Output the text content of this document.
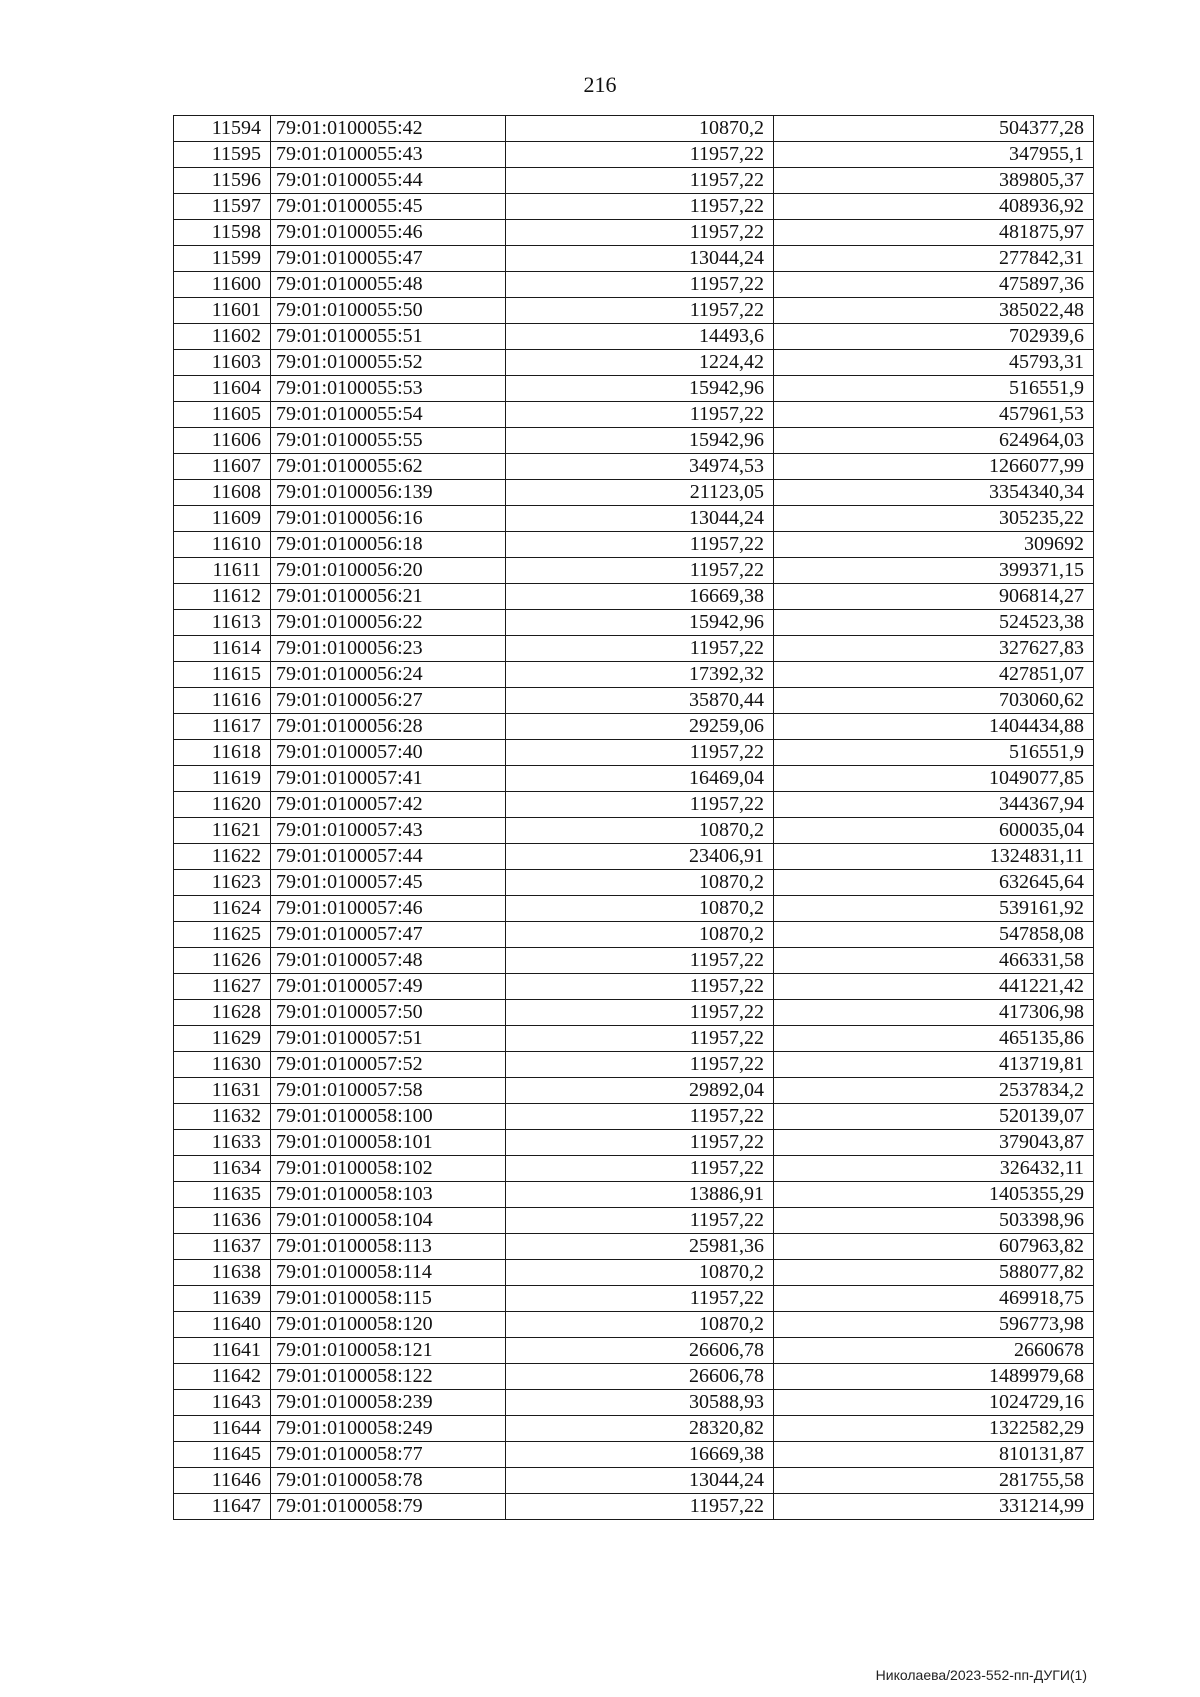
216
11594	79:01:0100055:42	10870,2	504377,28
11595	79:01:0100055:43	11957,22	347955,1
11596	79:01:0100055:44	11957,22	389805,37
11597	79:01:0100055:45	11957,22	408936,92
11598	79:01:0100055:46	11957,22	481875,97
11599	79:01:0100055:47	13044,24	277842,31
11600	79:01:0100055:48	11957,22	475897,36
11601	79:01:0100055:50	11957,22	385022,48
11602	79:01:0100055:51	14493,6	702939,6
11603	79:01:0100055:52	1224,42	45793,31
11604	79:01:0100055:53	15942,96	516551,9
11605	79:01:0100055:54	11957,22	457961,53
11606	79:01:0100055:55	15942,96	624964,03
11607	79:01:0100055:62	34974,53	1266077,99
11608	79:01:0100056:139	21123,05	3354340,34
11609	79:01:0100056:16	13044,24	305235,22
11610	79:01:0100056:18	11957,22	309692
11611	79:01:0100056:20	11957,22	399371,15
11612	79:01:0100056:21	16669,38	906814,27
11613	79:01:0100056:22	15942,96	524523,38
11614	79:01:0100056:23	11957,22	327627,83
11615	79:01:0100056:24	17392,32	427851,07
11616	79:01:0100056:27	35870,44	703060,62
11617	79:01:0100056:28	29259,06	1404434,88
11618	79:01:0100057:40	11957,22	516551,9
11619	79:01:0100057:41	16469,04	1049077,85
11620	79:01:0100057:42	11957,22	344367,94
11621	79:01:0100057:43	10870,2	600035,04
11622	79:01:0100057:44	23406,91	1324831,11
11623	79:01:0100057:45	10870,2	632645,64
11624	79:01:0100057:46	10870,2	539161,92
11625	79:01:0100057:47	10870,2	547858,08
11626	79:01:0100057:48	11957,22	466331,58
11627	79:01:0100057:49	11957,22	441221,42
11628	79:01:0100057:50	11957,22	417306,98
11629	79:01:0100057:51	11957,22	465135,86
11630	79:01:0100057:52	11957,22	413719,81
11631	79:01:0100057:58	29892,04	2537834,2
11632	79:01:0100058:100	11957,22	520139,07
11633	79:01:0100058:101	11957,22	379043,87
11634	79:01:0100058:102	11957,22	326432,11
11635	79:01:0100058:103	13886,91	1405355,29
11636	79:01:0100058:104	11957,22	503398,96
11637	79:01:0100058:113	25981,36	607963,82
11638	79:01:0100058:114	10870,2	588077,82
11639	79:01:0100058:115	11957,22	469918,75
11640	79:01:0100058:120	10870,2	596773,98
11641	79:01:0100058:121	26606,78	2660678
11642	79:01:0100058:122	26606,78	1489979,68
11643	79:01:0100058:239	30588,93	1024729,16
11644	79:01:0100058:249	28320,82	1322582,29
11645	79:01:0100058:77	16669,38	810131,87
11646	79:01:0100058:78	13044,24	281755,58
11647	79:01:0100058:79	11957,22	331214,99
Николаева/2023-552-пп-ДУГИ(1)
